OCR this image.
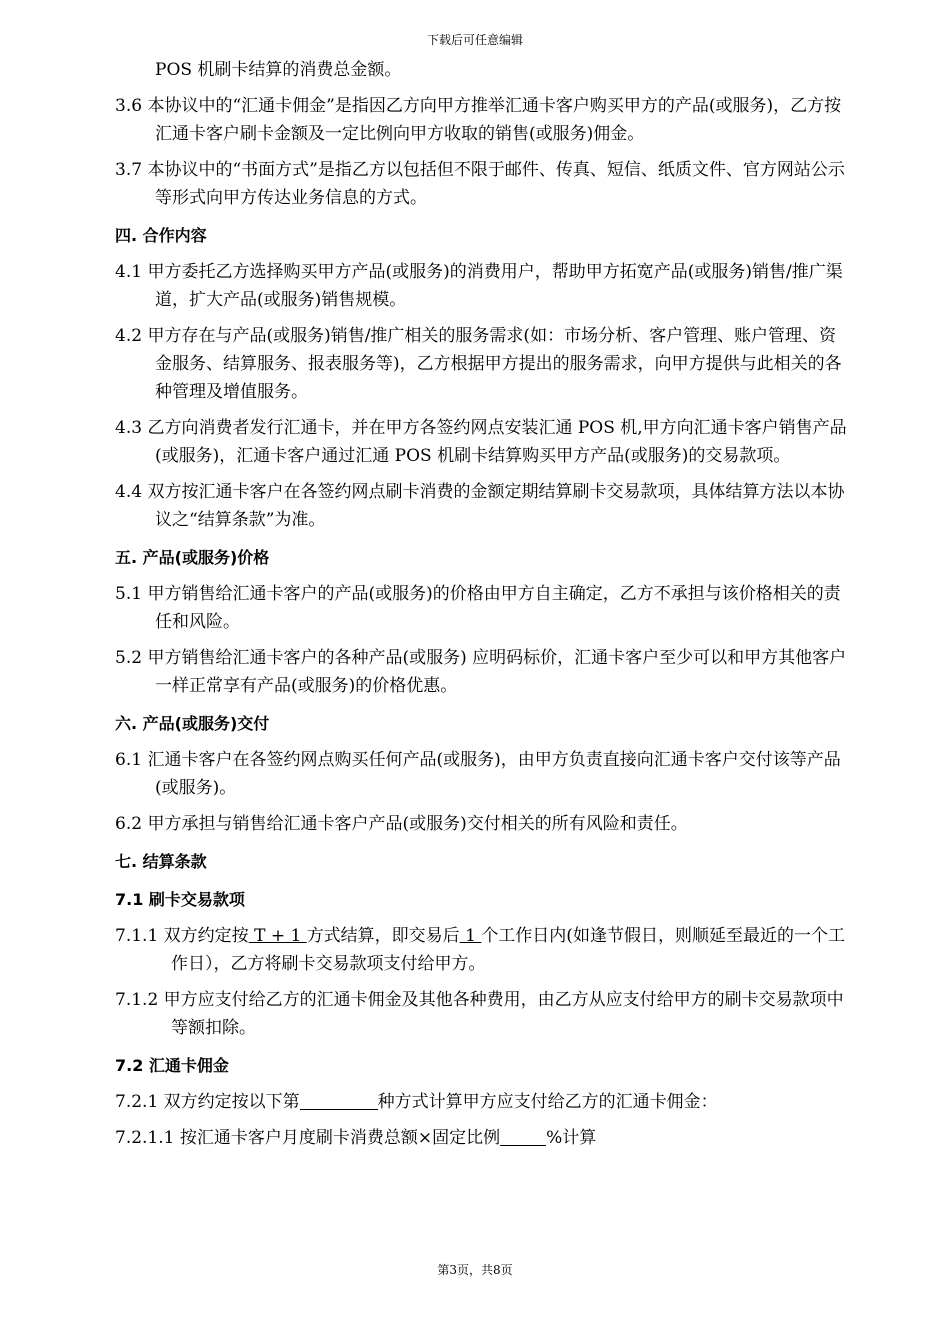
下载后可任意编辑
POS 机刷卡结算的消费总金额。
3.6 本协议中的“汇通卡佣金”是指因乙方向甲方推举汇通卡客户购买甲方的产品(或服务)，乙方按汇通卡客户刷卡金额及一定比例向甲方收取的销售(或服务)佣金。
3.7 本协议中的“书面方式”是指乙方以包括但不限于邮件、传真、短信、纸质文件、官方网站公示等形式向甲方传达业务信息的方式。
四. 合作内容
4.1 甲方委托乙方选择购买甲方产品(或服务)的消费用户，帮助甲方拓宽产品(或服务)销售/推广渠道，扩大产品(或服务)销售规模。
4.2 甲方存在与产品(或服务)销售/推广相关的服务需求(如：市场分析、客户管理、账户管理、资金服务、结算服务、报表服务等)，乙方根据甲方提出的服务需求，向甲方提供与此相关的各种管理及增值服务。
4.3 乙方向消费者发行汇通卡，并在甲方各签约网点安装汇通 POS 机,甲方向汇通卡客户销售产品(或服务)，汇通卡客户通过汇通 POS 机刷卡结算购买甲方产品(或服务)的交易款项。
4.4 双方按汇通卡客户在各签约网点刷卡消费的金额定期结算刷卡交易款项，具体结算方法以本协议之“结算条款”为准。
五. 产品(或服务)价格
5.1 甲方销售给汇通卡客户的产品(或服务)的价格由甲方自主确定，乙方不承担与该价格相关的责任和风险。
5.2 甲方销售给汇通卡客户的各种产品(或服务) 应明码标价，汇通卡客户至少可以和甲方其他客户一样正常享有产品(或服务)的价格优惠。
六. 产品(或服务)交付
6.1 汇通卡客户在各签约网点购买任何产品(或服务)，由甲方负责直接向汇通卡客户交付该等产品(或服务)。
6.2 甲方承担与销售给汇通卡客户产品(或服务)交付相关的所有风险和责任。
七. 结算条款
7.1 刷卡交易款项
7.1.1 双方约定按 T + 1 方式结算，即交易后 1 个工作日内(如逢节假日，则顺延至最近的一个工作日），乙方将刷卡交易款项支付给甲方。
7.1.2 甲方应支付给乙方的汇通卡佣金及其他各种费用，由乙方从应支付给甲方的刷卡交易款项中等额扣除。
7.2 汇通卡佣金
7.2.1 双方约定按以下第	种方式计算甲方应支付给乙方的汇通卡佣金：
7.2.1.1 按汇通卡客户月度刷卡消费总额×固定比例	%计算
第3页，共8页
